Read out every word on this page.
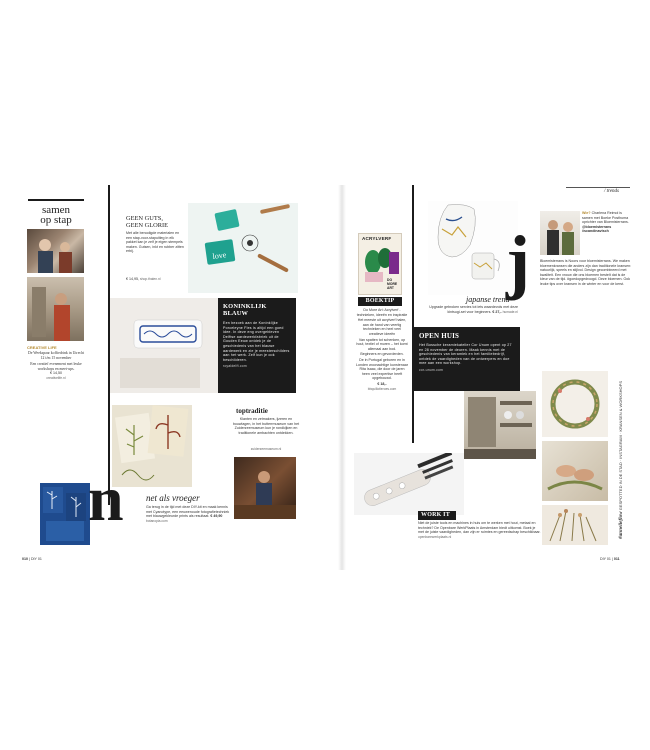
samen
op stap
CREATIVE LIFE
De Weekspaar koffiedrink in Utrecht 12 t/m 15 november
Een creatief evenement met leuke workshops en meet-ups.
€ 14,50
creativelife.nl
GEEN GUTS,
GEEN GLORIE
Met alle benodigde materialen en een stap-voor-stapuitleg in elk pakket kan je zelf je eigen stempels maken. Gutsen, inkt en rubber zitten erbij.
€ 14,95, shop.thalen.nl
love
KONINKLIJK
BLAUW
Een bezoek aan de Koninklijke Porceleyne Fles is altijd een goed idee. In deze eng overgebleven Delftse aardewerkfabriek uit de Gouden Eeuw ontdek je de geschiedenis van het blauwe aardewerk en zie je meesterschilders aan het werk. Zelf kun je ook beschilderen.
royaldelft.com
toptraditie
Klanten en zetmakers, ijzeren en bouwlagen, in het butterrmuseum van het Zuiderzeemuseum kun je rondkijken en traditionele ambachten ontdekken.
zuiderzeemuseum.nl
n net als vroeger
Ga terug in de tijd met deze DIY-kit en maak kennis met Cyanotype, een eeuwenoude fotografietechniek met blauwgekleurde prints als resultaat. € 49,90 botanopia.com
010 | DIY 01
ACRYLVERF
DO MORE ART
BOEKTIP
Do More Art: Acrylverf - technieken, ideeën en inspiratie
Het meeste uit acrylverf halen, aan de hand van veertig technieken en heel veel creatieve ideeën
Van spatten tot schenken, op hout, textiel of muren – het komt allemaal aan bod.
Beginners en gevorderden.
De in Portugal geboren en in Londen woonachtige kunstenaar Rita Isaac, die door de jaren heen veel expertise heeft opgebouwd.
€ 18,-
bbquillotieroes.com
j
japanse trend
Upgrade gebroken servies tot iets waardevols met deze kintsugi-set voor beginners. € 27,- humade.nl
OPEN HUIS
Het Bossche keramiekatelier Cor Unum opent op 27 en 28 november de deuren. Maak kennis met de geschiedenis van keramiek en het familiebedrijf, ontdek de vaardigheden van de ontwerpers en doe mee aan een workshop.
cor-unum.com
WORK IT
Niet de juiste tools en machines in huis om te werken met hout, metaal en techniek? De Openbare WerkPlaats in Amsterdam biedt uitkomst. Boek je met de juiste vaardigheden, dan zijn er ruimtes en gereedschap beschikbaar. openbarewerkplaats.nl
/ trends
Wie? Charlena Reimol is samen met Boeke Posthuma oprichter van Bloemisterrans.
@bloemisterrans #scandinavisch
Bloemisterrans is Noors voor bloemisterrans. We maken bloemenkransen die anders zijn dan traditionele kransen: natuurlijk, speels en stijlvol. Design gecombineerd met kwaliteit. Een vrouw die ons bloemen bestelt dat is de kleur van de tijd. #goedopgedroogd. Deze bloemen. Ook leuke tips over kransen in de winter en voor de kerst.
#annelieflow GESPOTTED IN DE STAD · INSTAGRAM · KRANSEN & WORKSHOPS
DIY 01 | 011
